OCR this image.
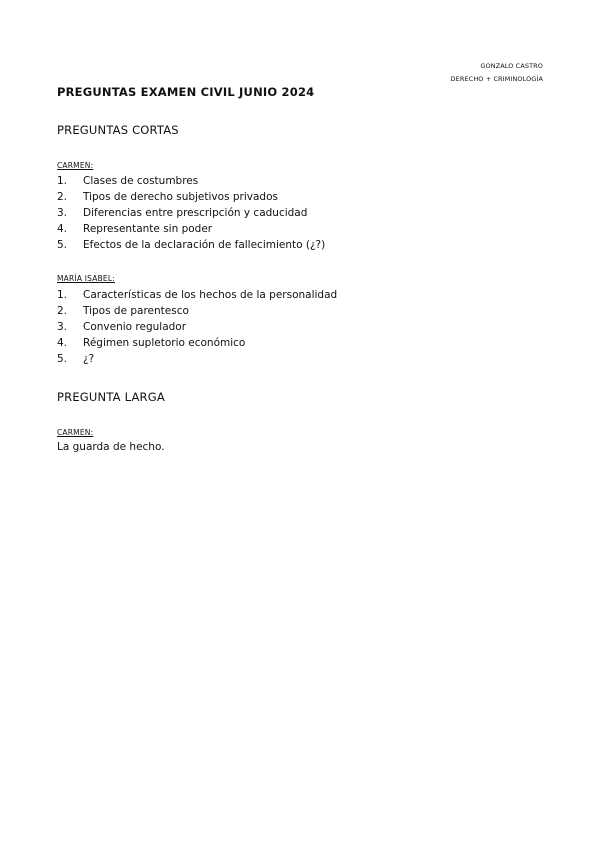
GONZALO CASTRO
DERECHO + CRIMINOLOGÍA
PREGUNTAS EXAMEN CIVIL JUNIO 2024
PREGUNTAS CORTAS
CARMEN:
1.	Clases de costumbres
2.	Tipos de derecho subjetivos privados
3.	Diferencias entre prescripción y caducidad
4.	Representante sin poder
5.	Efectos de la declaración de fallecimiento (¿?)
MARÍA ISABEL:
1.	Características de los hechos de la personalidad
2.	Tipos de parentesco
3.	Convenio regulador
4.	Régimen supletorio económico
5.	¿?
PREGUNTA LARGA
CARMEN:
La guarda de hecho.
